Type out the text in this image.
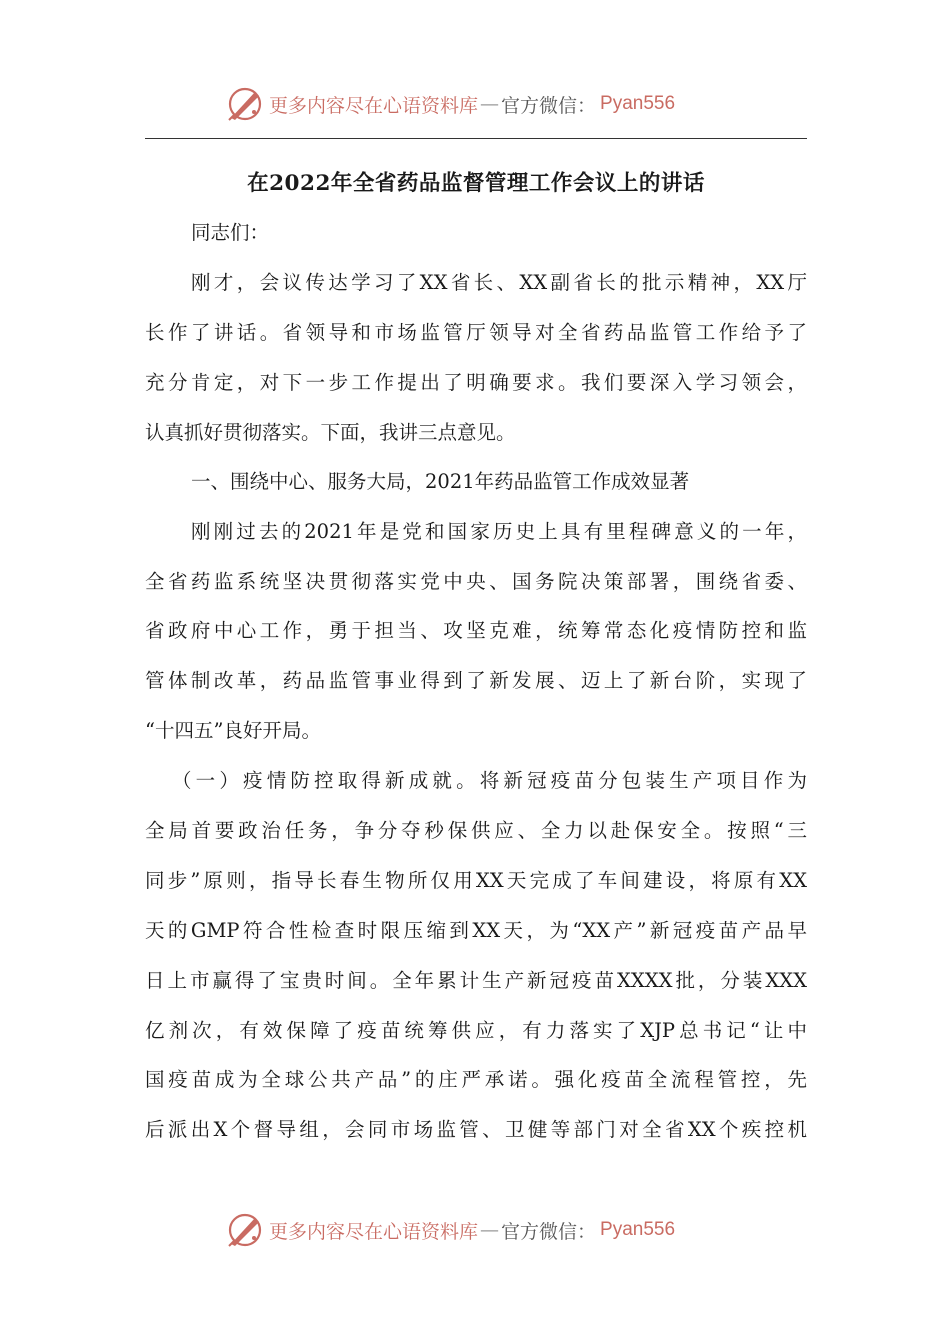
更多内容尽在心语资料库 — 官方微信： Pyan556
在2022年全省药品监督管理工作会议上的讲话
同志们：
刚才，会议传达学习了XX省长、XX副省长的批示精神，XX厅
长作了讲话。省领导和市场监管厅领导对全省药品监管工作给予了
充分肯定，对下一步工作提出了明确要求。我们要深入学习领会，
认真抓好贯彻落实。下面，我讲三点意见。
一、围绕中心、服务大局，2021年药品监管工作成效显著
刚刚过去的2021年是党和国家历史上具有里程碑意义的一年，
全省药监系统坚决贯彻落实党中央、国务院决策部署，围绕省委、
省政府中心工作，勇于担当、攻坚克难，统筹常态化疫情防控和监
管体制改革，药品监管事业得到了新发展、迈上了新台阶，实现了
“十四五”良好开局。
（一）疫情防控取得新成就。将新冠疫苗分包装生产项目作为
全局首要政治任务，争分夺秒保供应、全力以赴保安全。按照“三
同步”原则，指导长春生物所仅用XX天完成了车间建设，将原有XX
天的GMP符合性检查时限压缩到XX天，为“XX产”新冠疫苗产品早
日上市赢得了宝贵时间。全年累计生产新冠疫苗XXXX批，分装XXX
亿剂次，有效保障了疫苗统筹供应，有力落实了XJP总书记“让中
国疫苗成为全球公共产品”的庄严承诺。强化疫苗全流程管控，先
后派出X个督导组，会同市场监管、卫健等部门对全省XX个疾控机
更多内容尽在心语资料库 — 官方微信： Pyan556
